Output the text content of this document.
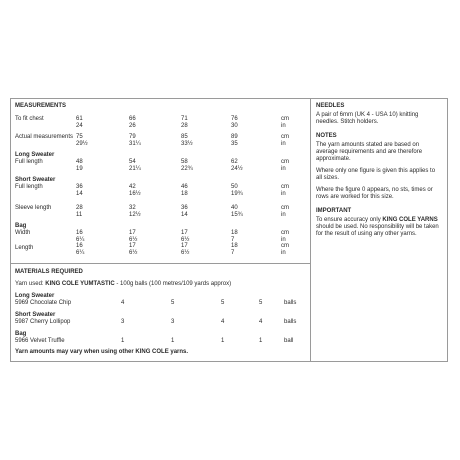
MEASUREMENTS
To fit chest	61	66	71	76	cm
24	26	28	30	in
Actual measurements 75	79	85	89	cm
29½	31¼	33½	35	in
Long Sweater
Full length	48	54	58	62	cm
19	21¼	22¾	24½	in
Short Sweater
Full length	36	42	46	50	cm
14	16½	18	19¾	in
Sleeve length	28	32	36	40	cm
11	12½	14	15¾	in
Bag
Width	16	17	17	18	cm
6¼	6½	6½	7	in
Length	16	17	17	18	cm
6¼	6½	6½	7	in
MATERIALS REQUIRED
Yarn used: KING COLE YUMTASTIC - 100g balls (100 metres/109 yards approx)
Long Sweater
5969 Chocolate Chip	4	5	5	5	balls
Short Sweater
5987 Cherry Lollipop	3	3	4	4	balls
Bag
5966 Velvet Truffle	1	1	1	1	ball
Yarn amounts may vary when using other KING COLE yarns.
NEEDLES
A pair of 6mm (UK 4 - USA 10) knitting needles. Stitch holders.
NOTES
The yarn amounts stated are based on average requirements and are therefore approximate.
Where only one figure is given this applies to all sizes.
Where the figure 0 appears, no sts, times or rows are worked for this size.
IMPORTANT
To ensure accuracy only KING COLE YARNS should be used. No responsibility will be taken for the result of using any other yarns.
